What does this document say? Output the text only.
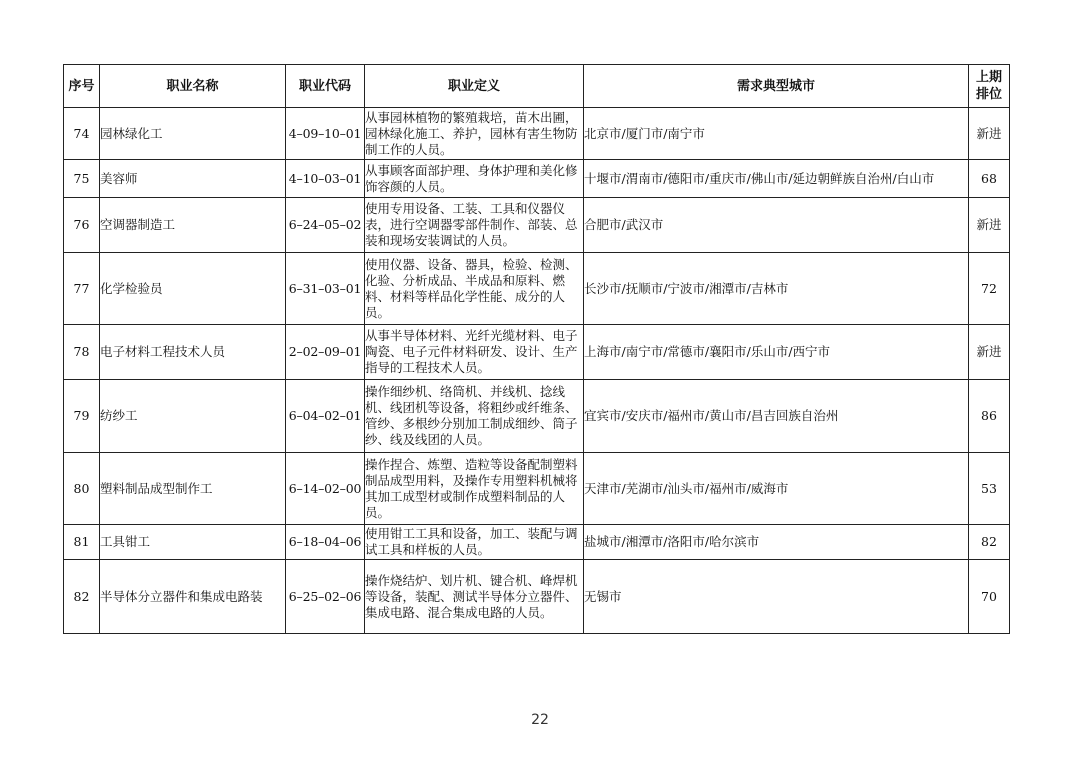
序号	职业名称	职业代码	职业定义	需求典型城市	上期
排位
74	园林绿化工	4–09–10–01	从事园林植物的繁殖栽培，苗木出圃，园林绿化施工、养护，园林有害生物防制工作的人员。	北京市/厦门市/南宁市	新进
75	美容师	4–10–03–01	从事顾客面部护理、身体护理和美化修饰容颜的人员。	十堰市/渭南市/德阳市/重庆市/佛山市/延边朝鲜族自治州/白山市	68
76	空调器制造工	6–24–05–02	使用专用设备、工装、工具和仪器仪表，进行空调器零部件制作、部装、总装和现场安装调试的人员。	合肥市/武汉市	新进
77	化学检验员	6–31–03–01	使用仪器、设备、器具，检验、检测、化验、分析成品、半成品和原料、燃料、材料等样品化学性能、成分的人员。	长沙市/抚顺市/宁波市/湘潭市/吉林市	72
78	电子材料工程技术人员	2–02–09–01	从事半导体材料、光纤光缆材料、电子陶瓷、电子元件材料研发、设计、生产指导的工程技术人员。	上海市/南宁市/常德市/襄阳市/乐山市/西宁市	新进
79	纺纱工	6–04–02–01	操作细纱机、络筒机、并线机、捻线机、线团机等设备，将粗纱或纤维条、管纱、多根纱分别加工制成细纱、筒子纱、线及线团的人员。	宜宾市/安庆市/福州市/黄山市/昌吉回族自治州	86
80	塑料制品成型制作工	6–14–02–00	操作捏合、炼塑、造粒等设备配制塑料制品成型用料，及操作专用塑料机械将其加工成型材或制作成塑料制品的人员。	天津市/芜湖市/汕头市/福州市/威海市	53
81	工具钳工	6–18–04–06	使用钳工工具和设备，加工、装配与调试工具和样板的人员。	盐城市/湘潭市/洛阳市/哈尔滨市	82
82	半导体分立器件和集成电路装	6–25–02–06	操作烧结炉、划片机、键合机、峰焊机等设备，装配、测试半导体分立器件、集成电路、混合集成电路的人员。	无锡市	70
22
